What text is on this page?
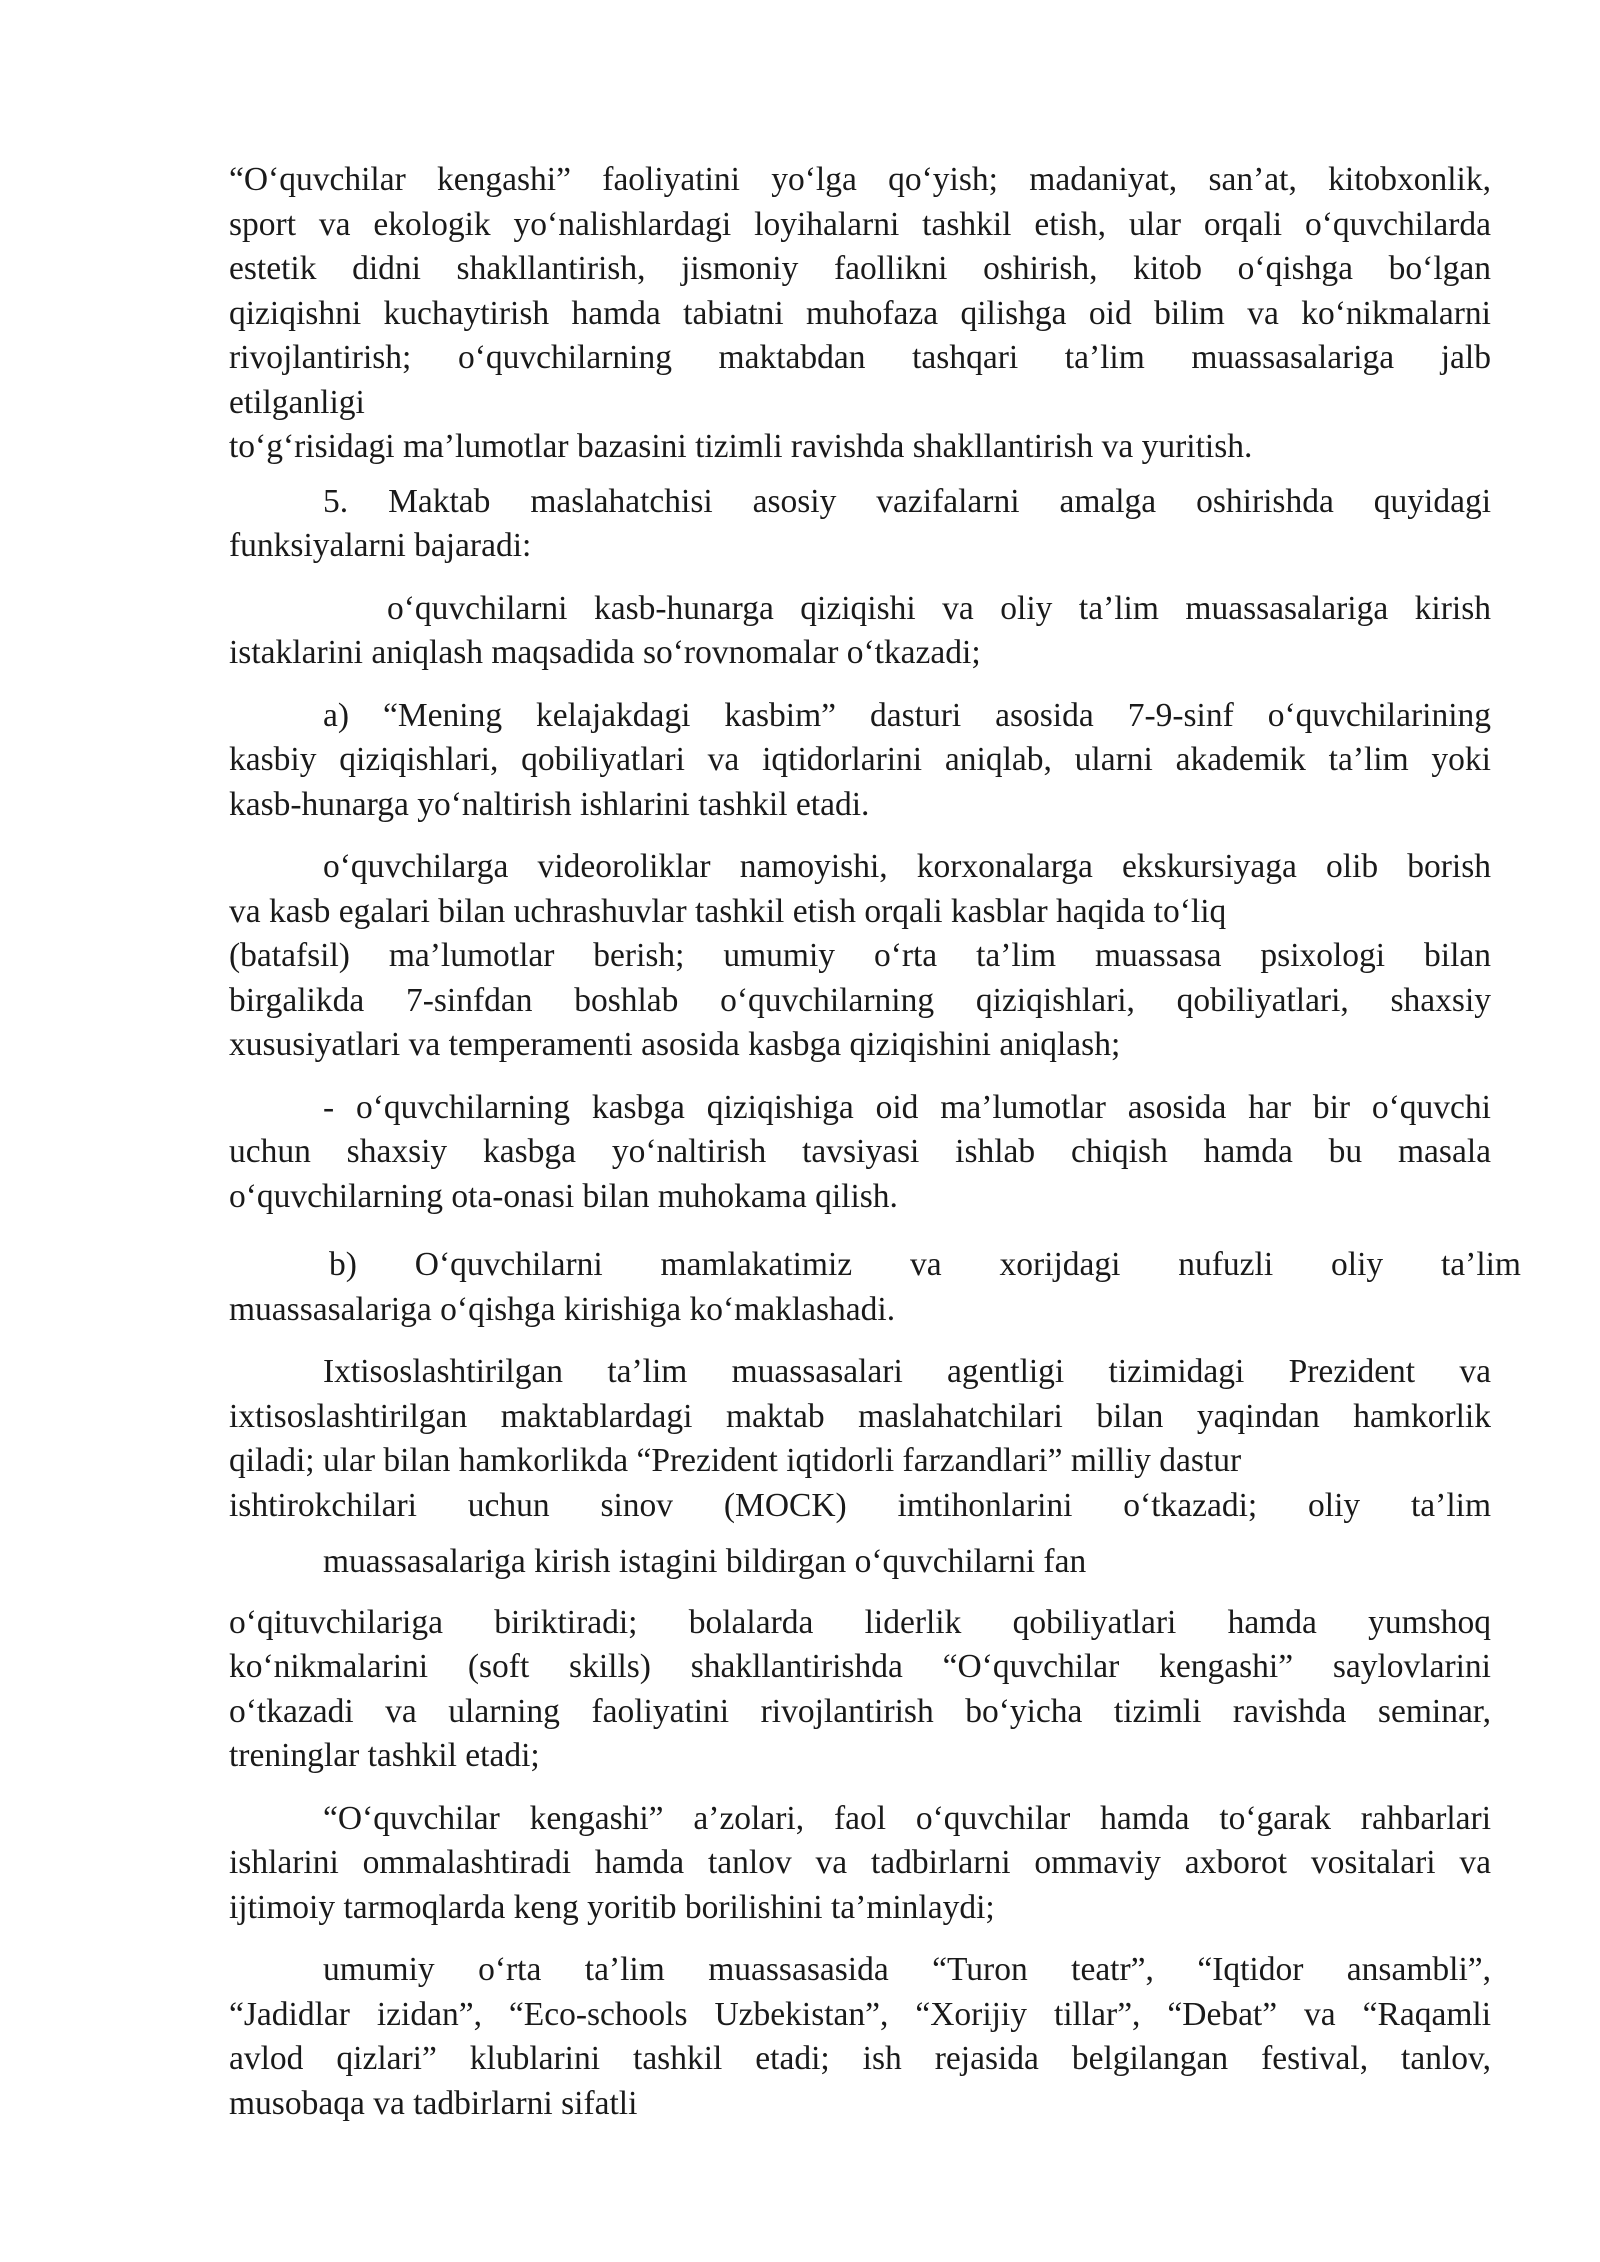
“Oʻquvchilar kengashi” faoliyatini yoʻlga qoʻyish; madaniyat, san’at, kitobxonlik,
sport va ekologik yoʻnalishlardagi loyihalarni tashkil etish, ular orqali oʻquvchilarda
estetik didni shakllantirish, jismoniy faollikni oshirish, kitob oʻqishga boʻlgan
qiziqishni kuchaytirish hamda tabiatni muhofaza qilishga oid bilim va koʻnikmalarni
rivojlantirish; oʻquvchilarning maktabdan tashqari ta’lim muassasalariga jalb
etilganligi
toʻgʻrisidagi ma’lumotlar bazasini tizimli ravishda shakllantirish va yuritish.
5. Maktab maslahatchisi asosiy vazifalarni amalga oshirishda quyidagi
funksiyalarni bajaradi:
oʻquvchilarni kasb-hunarga qiziqishi va oliy ta’lim muassasalariga kirish
istaklarini aniqlash maqsadida soʻrovnomalar oʻtkazadi;
a) “Mening kelajakdagi kasbim” dasturi asosida 7-9-sinf oʻquvchilarining
kasbiy qiziqishlari, qobiliyatlari va iqtidorlarini aniqlab, ularni akademik ta’lim yoki
kasb-hunarga yoʻnaltirish ishlarini tashkil etadi.
oʻquvchilarga videoroliklar namoyishi, korxonalarga ekskursiyaga olib borish
va kasb egalari bilan uchrashuvlar tashkil etish orqali kasblar haqida toʻliq
(batafsil) ma’lumotlar berish; umumiy oʻrta ta’lim muassasa psixologi bilan
birgalikda 7-sinfdan boshlab oʻquvchilarning qiziqishlari, qobiliyatlari, shaxsiy
xususiyatlari va temperamenti asosida kasbga qiziqishini aniqlash;
- oʻquvchilarning kasbga qiziqishiga oid ma’lumotlar asosida har bir oʻquvchi
uchun shaxsiy kasbga yoʻnaltirish tavsiyasi ishlab chiqish hamda bu masala
oʻquvchilarning ota-onasi bilan muhokama qilish.
b) Oʻquvchilarni mamlakatimiz va xorijdagi nufuzli oliy ta’lim
muassasalariga oʻqishga kirishiga koʻmaklashadi.
Ixtisoslashtirilgan ta’lim muassasalari agentligi tizimidagi Prezident va
ixtisoslashtirilgan maktablardagi maktab maslahatchilari bilan yaqindan hamkorlik
qiladi; ular bilan hamkorlikda “Prezident iqtidorli farzandlari” milliy dastur
ishtirokchilari uchun sinov (MOCK) imtihonlarini oʻtkazadi; oliy ta’lim
muassasalariga kirish istagini bildirgan oʻquvchilarni fan
oʻqituvchilariga biriktiradi; bolalarda liderlik qobiliyatlari hamda yumshoq
koʻnikmalarini (soft skills) shakllantirishda “Oʻquvchilar kengashi” saylovlarini
oʻtkazadi va ularning faoliyatini rivojlantirish boʻyicha tizimli ravishda seminar,
treninglar tashkil etadi;
“Oʻquvchilar kengashi” a’zolari, faol oʻquvchilar hamda toʻgarak rahbarlari
ishlarini ommalashtiradi hamda tanlov va tadbirlarni ommaviy axborot vositalari va
ijtimoiy tarmoqlarda keng yoritib borilishini ta’minlaydi;
umumiy oʻrta ta’lim muassasasida “Turon teatr”, “Iqtidor ansambli”,
“Jadidlar izidan”, “Eco-schools Uzbekistan”, “Xorijiy tillar”, “Debat” va “Raqamli
avlod qizlari” klublarini tashkil etadi; ish rejasida belgilangan festival, tanlov,
musobaqa va tadbirlarni sifatli
